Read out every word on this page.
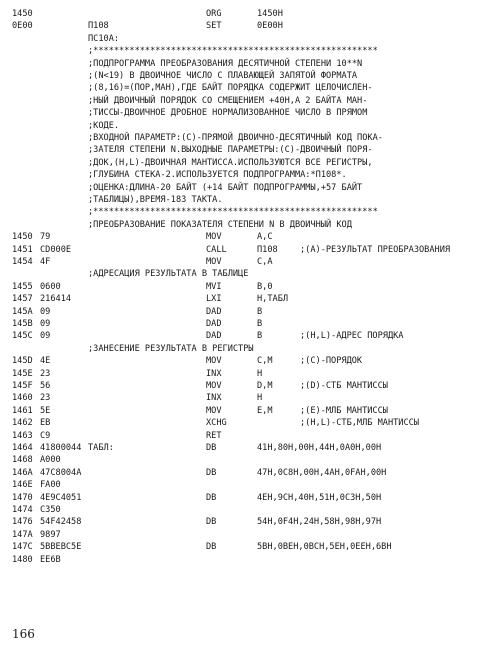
1450	ORG	1450H
0E00	П108	SET	0E00H
ПС10А:
;*******************************************************
;ПОДПРОГРАММА ПРЕОБРАЗОВАНИЯ ДЕСЯТИЧНОЙ СТЕПЕНИ 10**N
;(N<19) В ДВОИЧНОЕ ЧИСЛО С ПЛАВАЮЩЕЙ ЗАПЯТОЙ ФОРМАТА
;(8,16)=(ПОР,МАН),ГДЕ БАЙТ ПОРЯДКА СОДЕРЖИТ ЦЕЛОЧИСЛЕН-
;НЫЙ ДВОИЧНЫЙ ПОРЯДОК СО СМЕЩЕНИЕМ +40Н,А 2 БАЙТА МАН-
;ТИССЫ-ДВОИЧНОЕ ДРОБНОЕ НОРМАЛИЗОВАННОЕ ЧИСЛО В ПРЯМОМ
;КОДЕ.
;ВХОДНОЙ ПАРАМЕТР:(С)-ПРЯМОЙ ДВОИЧНО-ДЕСЯТИЧНЫЙ КОД ПОКА-
;ЗАТЕЛЯ СТЕПЕНИ N.ВЫХОДНЫЕ ПАРАМЕТРЫ:(С)-ДВОИЧНЫЙ ПОРЯ-
;ДОК,(H,L)-ДВОИЧНАЯ МАНТИССА.ИСПОЛЬЗУЮТСЯ ВСЕ РЕГИСТРЫ,
;ГЛУБИНА СТЕКА-2.ИСПОЛЬЗУЕТСЯ ПОДПРОГРАММА:*П108*.
;ОЦЕНКА:ДЛИНА-20 БАЙТ (+14 БАЙТ ПОДПРОГРАММЫ,+57 БАЙТ
;ТАБЛИЦЫ),ВРЕМЯ-183 ТАКТА.
;*******************************************************
;ПРЕОБРАЗОВАНИЕ ПОКАЗАТЕЛЯ СТЕПЕНИ N В ДВОИЧНЫЙ КОД
1450 79	MOV	A,C
1451 CD000E	CALL	П108	;(A)-РЕЗУЛЬТАТ ПРЕОБРАЗОВАНИЯ
1454 4F	MOV	C,A
;АДРЕСАЦИЯ РЕЗУЛЬТАТА В ТАБЛИЦЕ
1455 0600	MVI	B,0
1457 216414	LXI	H,ТАБЛ
145A 09	DAD	B
145B 09	DAD	B
145C 09	DAD	B	;(H,L)-АДРЕС ПОРЯДКА
;ЗАНЕСЕНИЕ РЕЗУЛЬТАТА В РЕГИСТРЫ
145D 4E	MOV	C,M	;(С)-ПОРЯДОК
145E 23	INX	H
145F 56	MOV	D,M	;(D)-СТБ МАНТИССЫ
1460 23	INX	H
1461 5E	MOV	E,M	;(E)-МЛБ МАНТИССЫ
1462 EB	XCHG	;(H,L)-СТБ,МЛБ МАНТИССЫ
1463 C9	RET
1464 41800044 ТАБЛ:	DB	41H,80H,00H,44H,0A0H,00H
1468 A000
146A 47C8004A	DB	47H,0C8H,00H,4AH,0FAH,00H
146E FA00
1470 4E9C4051	DB	4EH,9CH,40H,51H,0C3H,50H
1474 C350
1476 54F42458	DB	54H,0F4H,24H,58H,98H,97H
147A 9897
147C 5BBEBC5E	DB	5BH,0BEH,0BCH,5EH,0EEH,6BH
1480 EE6B
166
